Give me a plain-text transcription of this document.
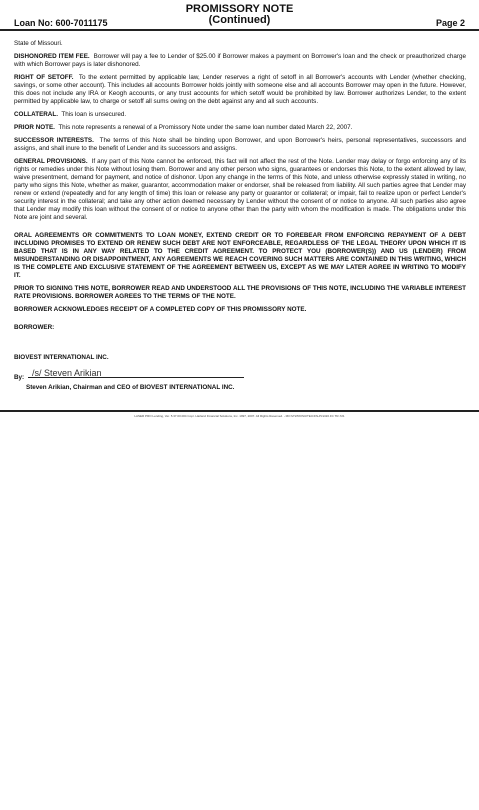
PROMISSORY NOTE
(Continued)
Loan No: 600-7011175	Page 2

State of Missouri.

DISHONORED ITEM FEE. Borrower will pay a fee to Lender of $25.00 if Borrower makes a payment on Borrower's loan and the check or preauthorized charge with which Borrower pays is later dishonored.

RIGHT OF SETOFF. To the extent permitted by applicable law, Lender reserves a right of setoff in all Borrower's accounts with Lender (whether checking, savings, or some other account). This includes all accounts Borrower holds jointly with someone else and all accounts Borrower may open in the future. However, this does not include any IRA or Keogh accounts, or any trust accounts for which setoff would be prohibited by law. Borrower authorizes Lender, to the extent permitted by applicable law, to charge or setoff all sums owing on the debt against any and all such accounts.

COLLATERAL. This loan is unsecured.

PRIOR NOTE. This note represents a renewal of a Promissory Note under the same loan number dated March 22, 2007.

SUCCESSOR INTERESTS. The terms of this Note shall be binding upon Borrower, and upon Borrower's heirs, personal representatives, successors and assigns, and shall inure to the benefit of Lender and its successors and assigns.

GENERAL PROVISIONS. If any part of this Note cannot be enforced, this fact will not affect the rest of the Note. Lender may delay or forgo enforcing any of its rights or remedies under this Note without losing them. Borrower and any other person who signs, guarantees or endorses this Note, to the extent allowed by law, waive presentment, demand for payment, and notice of dishonor. Upon any change in the terms of this Note, and unless otherwise expressly stated in writing, no party who signs this Note, whether as maker, guarantor, accommodation maker or endorser, shall be released from liability. All such parties agree that Lender may renew or extend (repeatedly and for any length of time) this loan or release any party or guarantor or collateral; or impair, fail to realize upon or perfect Lender's security interest in the collateral; and take any other action deemed necessary by Lender without the consent of or notice to anyone. All such parties also agree that Lender may modify this loan without the consent of or notice to anyone other than the party with whom the modification is made. The obligations under this Note are joint and several.

ORAL AGREEMENTS OR COMMITMENTS TO LOAN MONEY, EXTEND CREDIT OR TO FOREBEAR FROM ENFORCING REPAYMENT OF A DEBT INCLUDING PROMISES TO EXTEND OR RENEW SUCH DEBT ARE NOT ENFORCEABLE, REGARDLESS OF THE LEGAL THEORY UPON WHICH IT IS BASED THAT IS IN ANY WAY RELATED TO THE CREDIT AGREEMENT. TO PROTECT YOU (BORROWER(S)) AND US (LENDER) FROM MISUNDERSTANDING OR DISAPPOINTMENT, ANY AGREEMENTS WE REACH COVERING SUCH MATTERS ARE CONTAINED IN THIS WRITING, WHICH IS THE COMPLETE AND EXCLUSIVE STATEMENT OF THE AGREEMENT BETWEEN US, EXCEPT AS WE MAY LATER AGREE IN WRITING TO MODIFY IT.

PRIOR TO SIGNING THIS NOTE, BORROWER READ AND UNDERSTOOD ALL THE PROVISIONS OF THIS NOTE, INCLUDING THE VARIABLE INTEREST RATE PROVISIONS. BORROWER AGREES TO THE TERMS OF THE NOTE.

BORROWER ACKNOWLEDGES RECEIPT OF A COMPLETED COPY OF THIS PROMISSORY NOTE.

BORROWER:
BIOVEST INTERNATIONAL INC.
By: /s/ Steven Arikian
Steven Arikian, Chairman and CEO of BIOVEST INTERNATIONAL INC.
LASER PRO Lending, Ver. 5.37.00.004 Copr. Harland Financial Solutions, Inc. 1997, 2007. All Rights Reserved. - MO M:\PROSUITE\CFI\LPL\D20.FC TR-721
